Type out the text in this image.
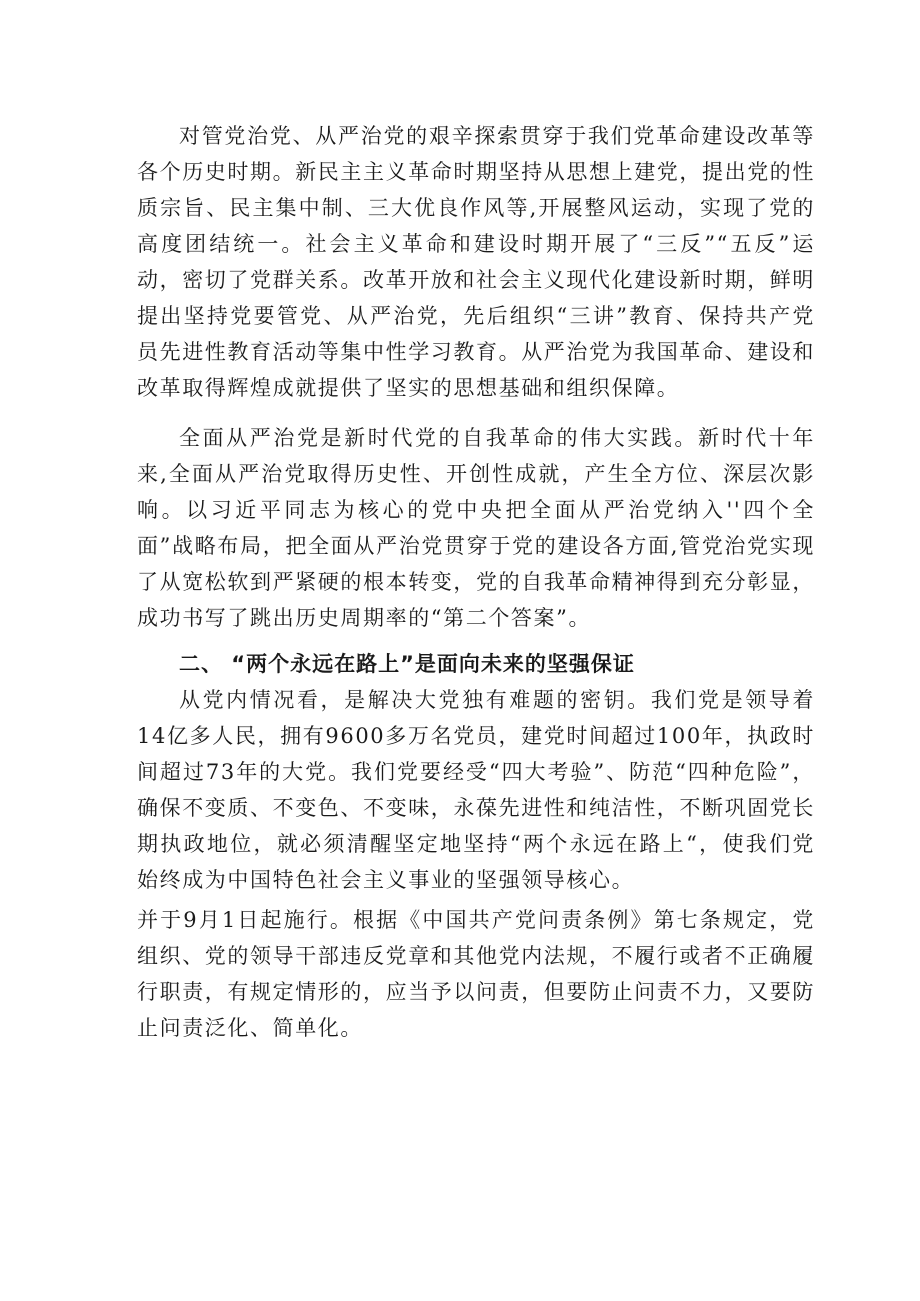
对管党治党、从严治党的艰辛探索贯穿于我们党革命建设改革等各个历史时期。新民主主义革命时期坚持从思想上建党，提出党的性质宗旨、民主集中制、三大优良作风等,开展整风运动，实现了党的高度团结统一。社会主义革命和建设时期开展了“三反”“五反”运动，密切了党群关系。改革开放和社会主义现代化建设新时期，鲜明提出坚持党要管党、从严治党，先后组织“三讲”教育、保持共产党员先进性教育活动等集中性学习教育。从严治党为我国革命、建设和改革取得辉煌成就提供了坚实的思想基础和组织保障。

全面从严治党是新时代党的自我革命的伟大实践。新时代十年来,全面从严治党取得历史性、开创性成就，产生全方位、深层次影响。以习近平同志为核心的党中央把全面从严治党纳入''四个全面”战略布局，把全面从严治党贯穿于党的建设各方面,管党治党实现了从宽松软到严紧硬的根本转变，党的自我革命精神得到充分彰显，成功书写了跳出历史周期率的“第二个答案”。

二、 “两个永远在路上”是面向未来的坚强保证

从党内情况看，是解决大党独有难题的密钥。我们党是领导着14亿多人民，拥有9600多万名党员，建党时间超过100年，执政时间超过73年的大党。我们党要经受“四大考验”、防范“四种危险”，确保不变质、不变色、不变味，永葆先进性和纯洁性，不断巩固党长期执政地位，就必须清醒坚定地坚持“两个永远在路上“，使我们党始终成为中国特色社会主义事业的坚强领导核心。

并于9月1日起施行。根据《中国共产党问责条例》第七条规定，党组织、党的领导干部违反党章和其他党内法规，不履行或者不正确履行职责，有规定情形的，应当予以问责，但要防止问责不力，又要防止问责泛化、简单化。
